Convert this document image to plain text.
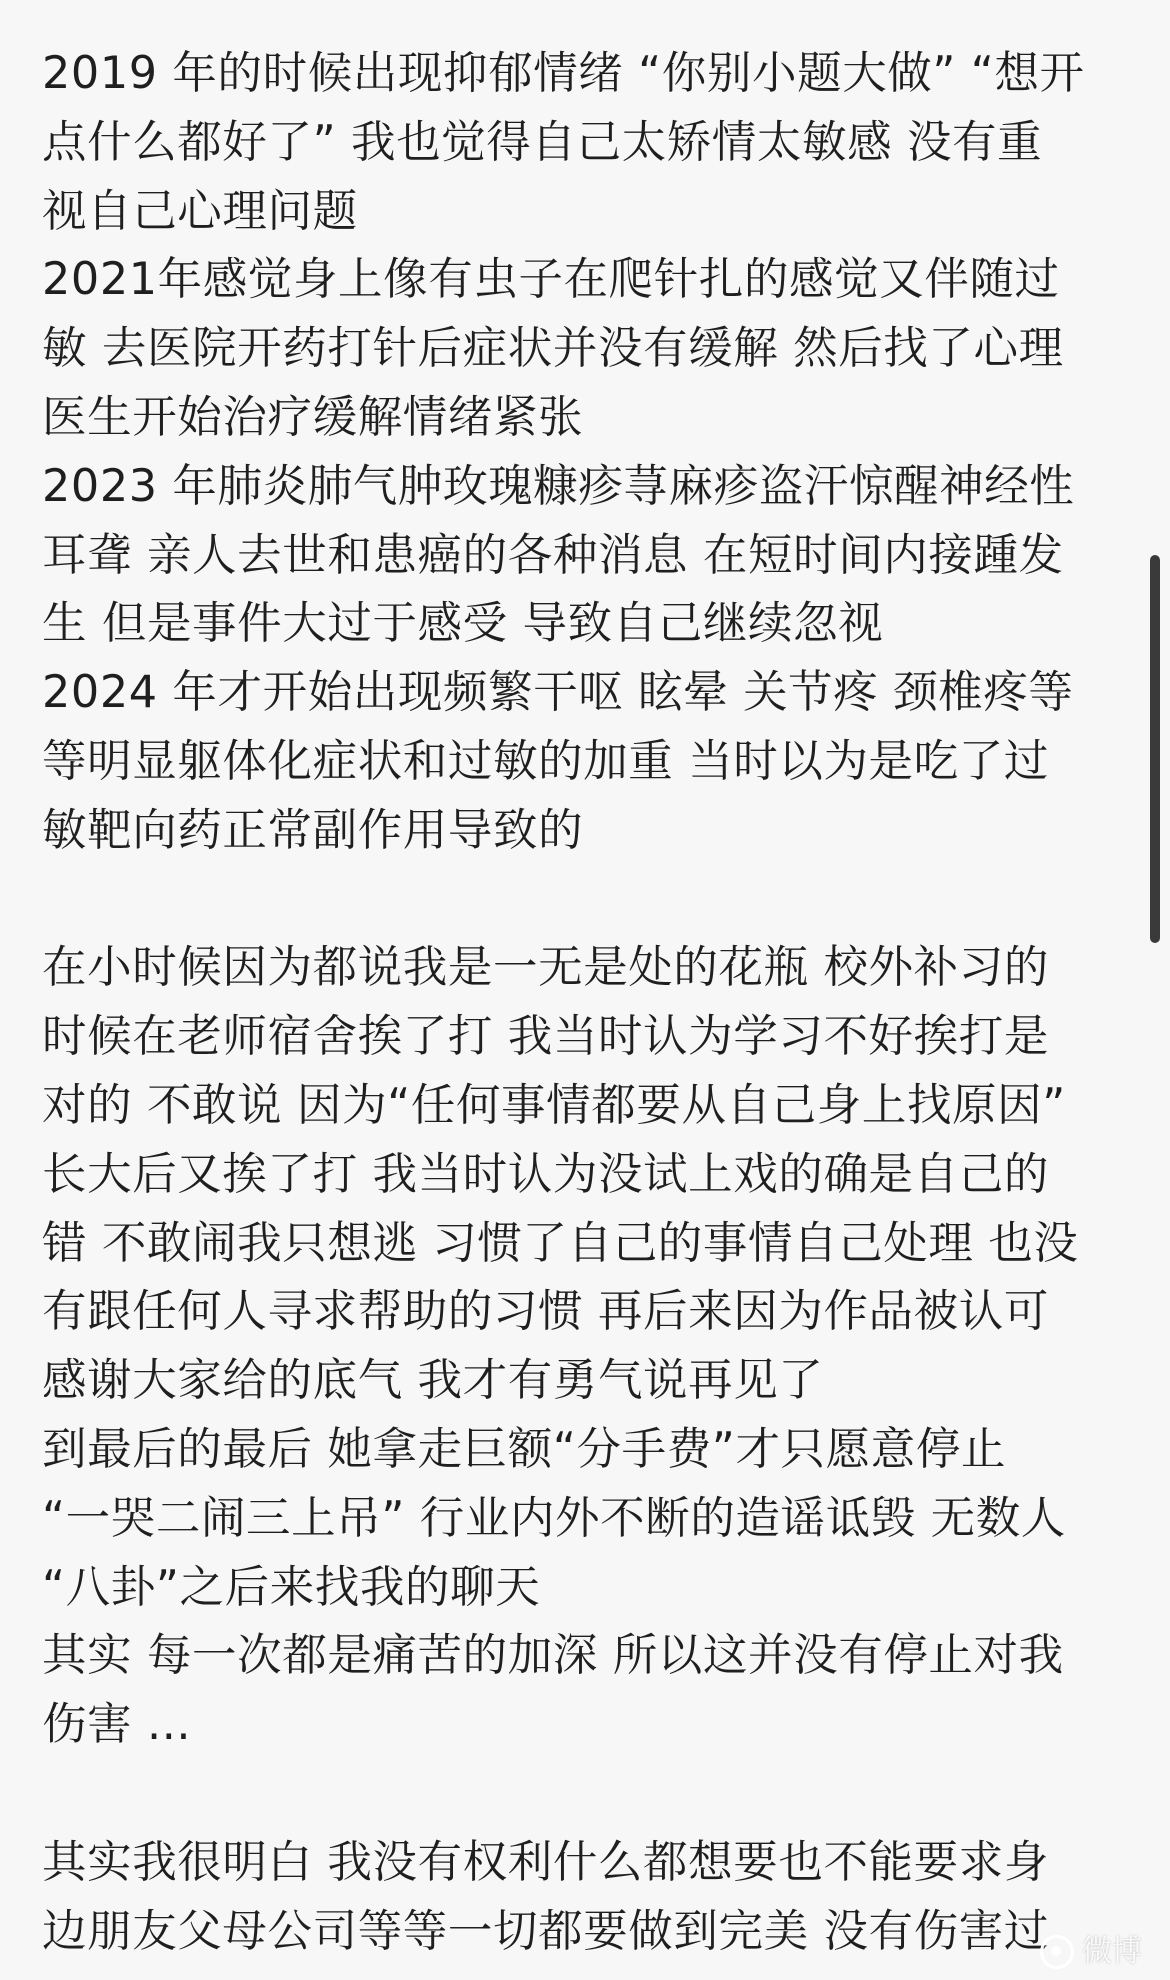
2019 年的时候出现抑郁情绪 “你别小题大做” “想开
点什么都好了” 我也觉得自己太矫情太敏感 没有重
视自己心理问题
2021年感觉身上像有虫子在爬针扎的感觉又伴随过
敏 去医院开药打针后症状并没有缓解 然后找了心理
医生开始治疗缓解情绪紧张
2023 年肺炎肺气肿玫瑰糠疹荨麻疹盗汗惊醒神经性
耳聋 亲人去世和患癌的各种消息 在短时间内接踵发
生 但是事件大过于感受 导致自己继续忽视
2024 年才开始出现频繁干呕 眩晕 关节疼 颈椎疼等
等明显躯体化症状和过敏的加重 当时以为是吃了过
敏靶向药正常副作用导致的
在小时候因为都说我是一无是处的花瓶 校外补习的
时候在老师宿舍挨了打 我当时认为学习不好挨打是
对的 不敢说 因为“任何事情都要从自己身上找原因”
长大后又挨了打 我当时认为没试上戏的确是自己的
错 不敢闹我只想逃 习惯了自己的事情自己处理 也没
有跟任何人寻求帮助的习惯 再后来因为作品被认可
感谢大家给的底气 我才有勇气说再见了
到最后的最后 她拿走巨额“分手费”才只愿意停止
“一哭二闹三上吊” 行业内外不断的造谣诋毁 无数人
“八卦”之后来找我的聊天
其实 每一次都是痛苦的加深 所以这并没有停止对我
伤害 ...
其实我很明白 我没有权利什么都想要也不能要求身
边朋友父母公司等等一切都要做到完美 没有伤害过	微博
